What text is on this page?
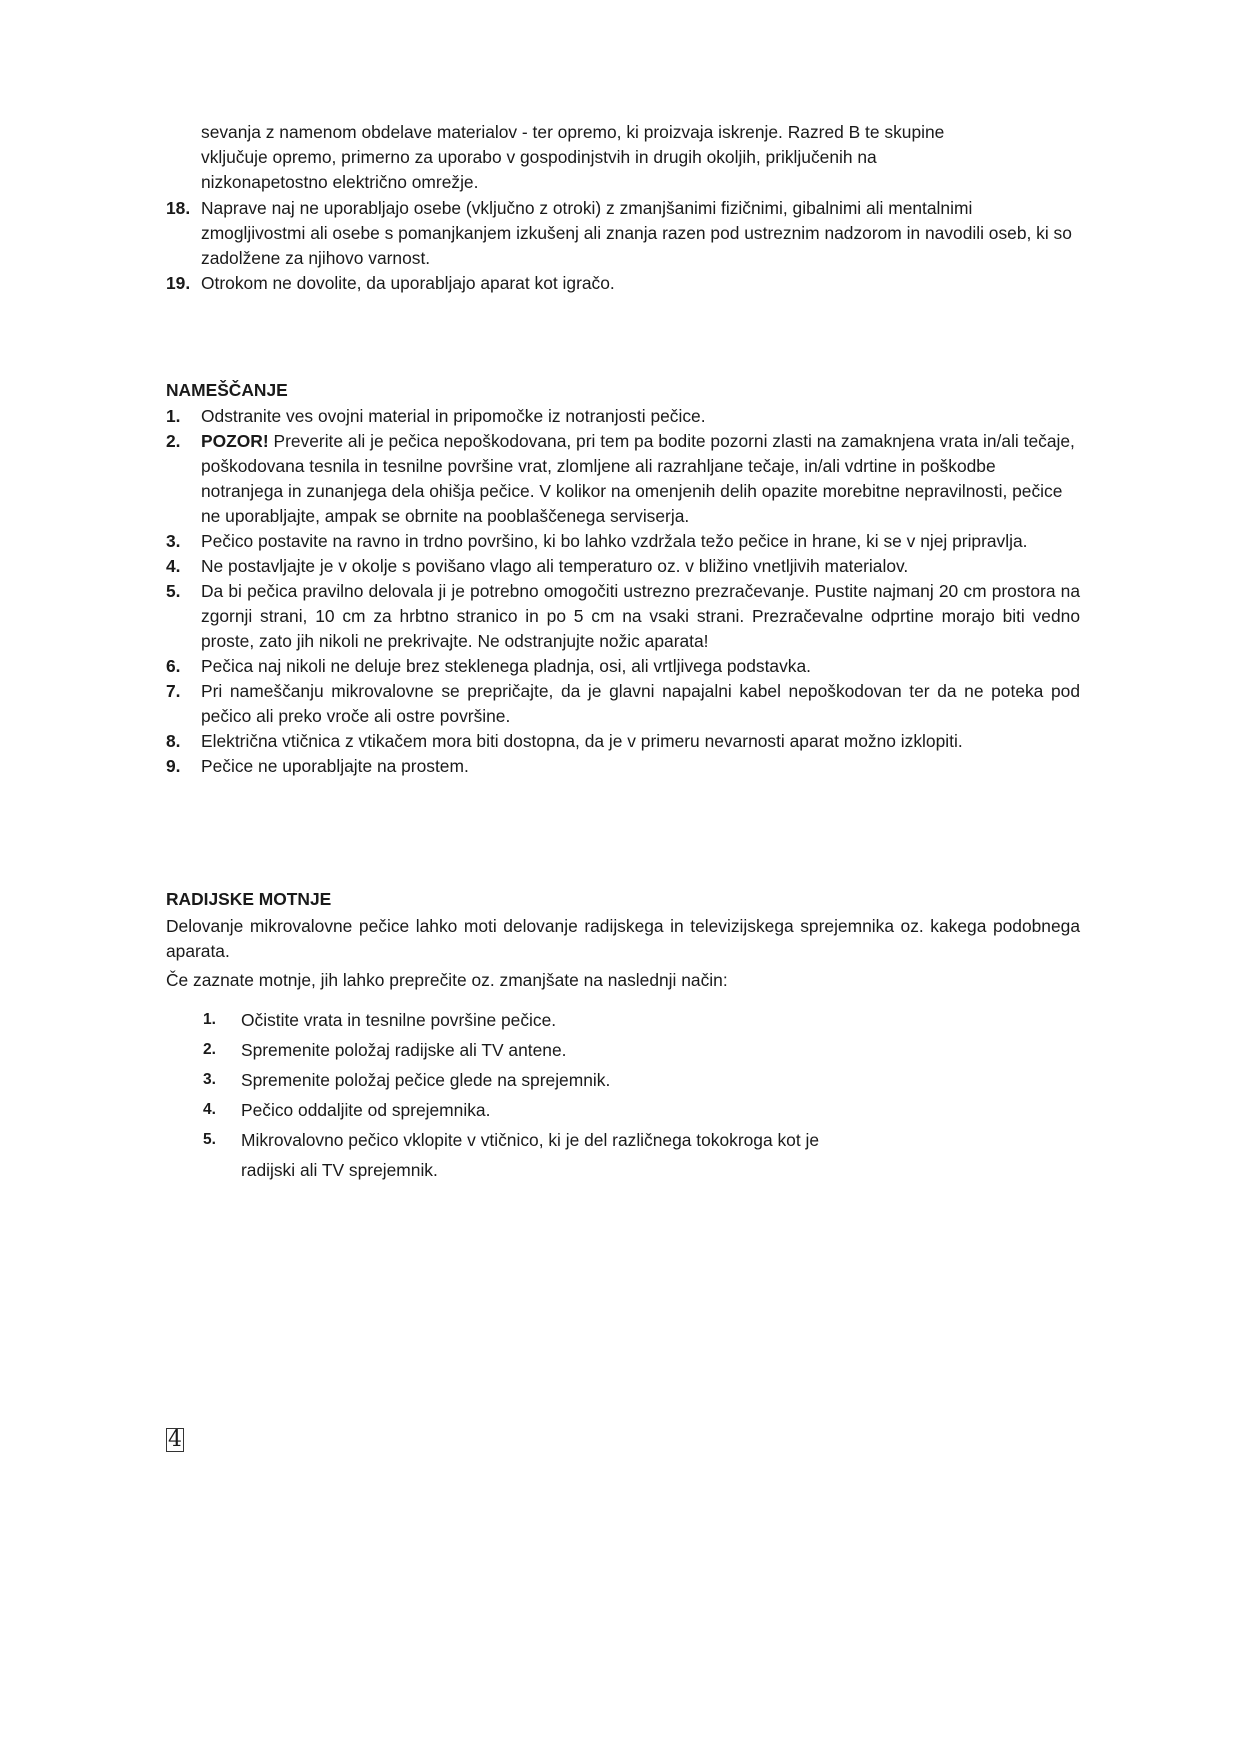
sevanja z namenom obdelave materialov - ter opremo, ki proizvaja iskrenje. Razred B te skupine
vključuje opremo, primerno za uporabo v gospodinjstvih in drugih okoljih, priključenih na
nizkonapetostno električno omrežje.
18. Naprave naj ne uporabljajo osebe (vključno z otroki) z zmanjšanimi fizičnimi, gibalnimi ali mentalnimi zmogljivostmi ali osebe s pomanjkanjem izkušenj ali znanja razen pod ustreznim nadzorom in navodili oseb, ki so zadolžene za njihovo varnost.
19. Otrokom ne dovolite, da uporabljajo aparat kot igračo.
NAMEŠČANJE
1. Odstranite ves ovojni material in pripomočke iz notranjosti pečice.
2. POZOR! Preverite ali je pečica nepoškodovana, pri tem pa bodite pozorni zlasti na zamaknjena vrata in/ali tečaje, poškodovana tesnila in tesnilne površine vrat, zlomljene ali razrahljane tečaje, in/ali vdrtine in poškodbe notranjega in zunanjega dela ohišja pečice. V kolikor na omenjenih delih opazite morebitne nepravilnosti, pečice ne uporabljajte, ampak se obrnite na pooblaščenega serviserja.
3. Pečico postavite na ravno in trdno površino, ki bo lahko vzdržala težo pečice in hrane, ki se v njej pripravlja.
4. Ne postavljajte je v okolje s povišano vlago ali temperaturo oz. v bližino vnetljivih materialov.
5. Da bi pečica pravilno delovala ji je potrebno omogočiti ustrezno prezračevanje. Pustite najmanj 20 cm prostora na zgornji strani, 10 cm za hrbtno stranico in po 5 cm na vsaki strani. Prezračevalne odprtine morajo biti vedno proste, zato jih nikoli ne prekrivajte. Ne odstranjujte nožic aparata!
6. Pečica naj nikoli ne deluje brez steklenega pladnja, osi, ali vrtljivega podstavka.
7. Pri nameščanju mikrovalovne se prepričajte, da je glavni napajalni kabel nepoškodovan ter da ne poteka pod pečico ali preko vroče ali ostre površine.
8. Električna vtičnica z vtikačem mora biti dostopna, da je v primeru nevarnosti aparat možno izklopiti.
9. Pečice ne uporabljajte na prostem.
RADIJSKE MOTNJE

Delovanje mikrovalovne pečice lahko moti delovanje radijskega in televizijskega sprejemnika oz. kakega podobnega aparata.

Če zaznate motnje, jih lahko preprečite oz. zmanjšate na naslednji način:

1. Očistite vrata in tesnilne površine pečice.
2. Spremenite položaj radijske ali TV antene.
3. Spremenite položaj pečice glede na sprejemnik.
4. Pečico oddaljite od sprejemnika.
5. Mikrovalovno pečico vklopite v vtičnico, ki je del različnega tokokroga kot je radijski ali TV sprejemnik.
4
